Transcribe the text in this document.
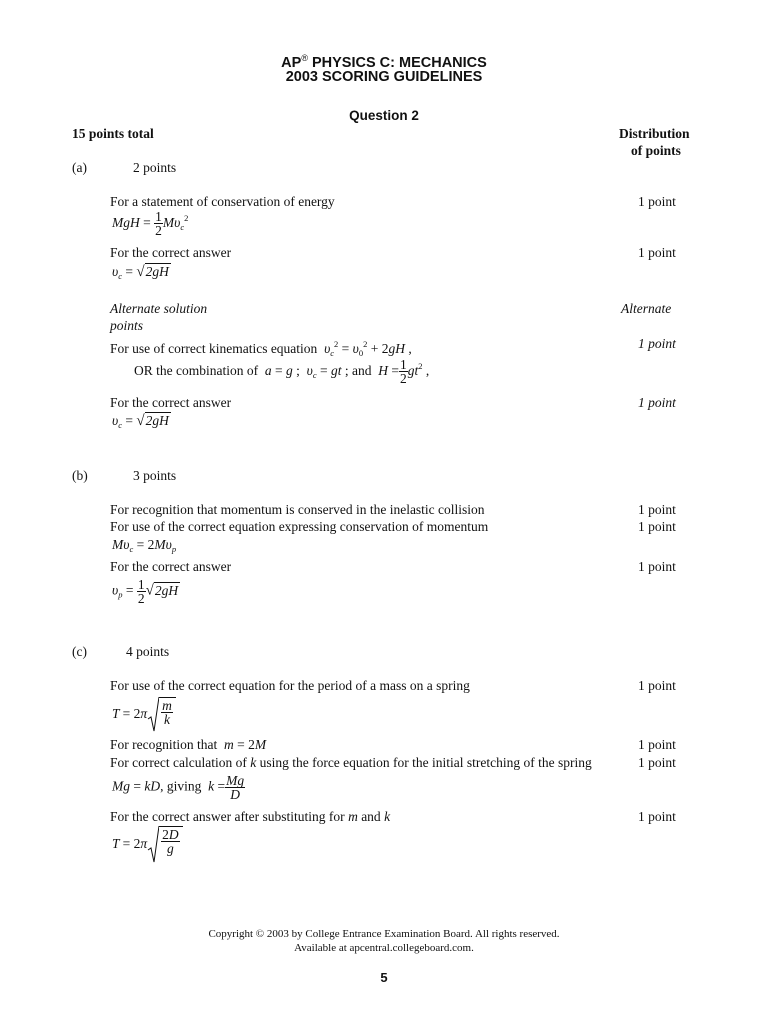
AP® PHYSICS C: MECHANICS
2003 SCORING GUIDELINES
Question 2
15 points total	Distribution
of points
(a)	2 points
For a statement of conservation of energy	1 point
MgH = $\frac{1}{2} M\upsilon_c^2$
For the correct answer	1 point
$\upsilon_c = √2gH$
Alternate solution
points
Alternate
For use of correct kinematics equation $\upsilon_c^2 = \upsilon_0^2 + 2gH$ ,	1 point
OR the combination of a = g ;  $\upsilon_c$ = gt ; and $H = \frac{1}{2} gt^2$ ,
For the correct answer	1 point
$\upsilon_c = √2gH$
(b)	3 points
For recognition that momentum is conserved in the inelastic collision	1 point
For use of the correct equation expressing conservation of momentum	1 point
$M\upsilon_c = 2M\upsilon_p$
For the correct answer	1 point
$\upsilon_p = \frac{1}{2} √2gH$
(c)	4 points
For use of the correct equation for the period of a mass on a spring	1 point
$T = 2\pi \frac{m}{k}$
For recognition that m = 2M	1 point
For correct calculation of k using the force equation for the initial stretching of the spring	1 point
Mg = kD, giving $k = \frac{Mg}{D}$
For the correct answer after substituting for m and k	1 point
$T = 2\pi \frac{2D}{g}$
Copyright © 2003 by College Entrance Examination Board. All rights reserved.
Available at apcentral.collegeboard.com.
5
